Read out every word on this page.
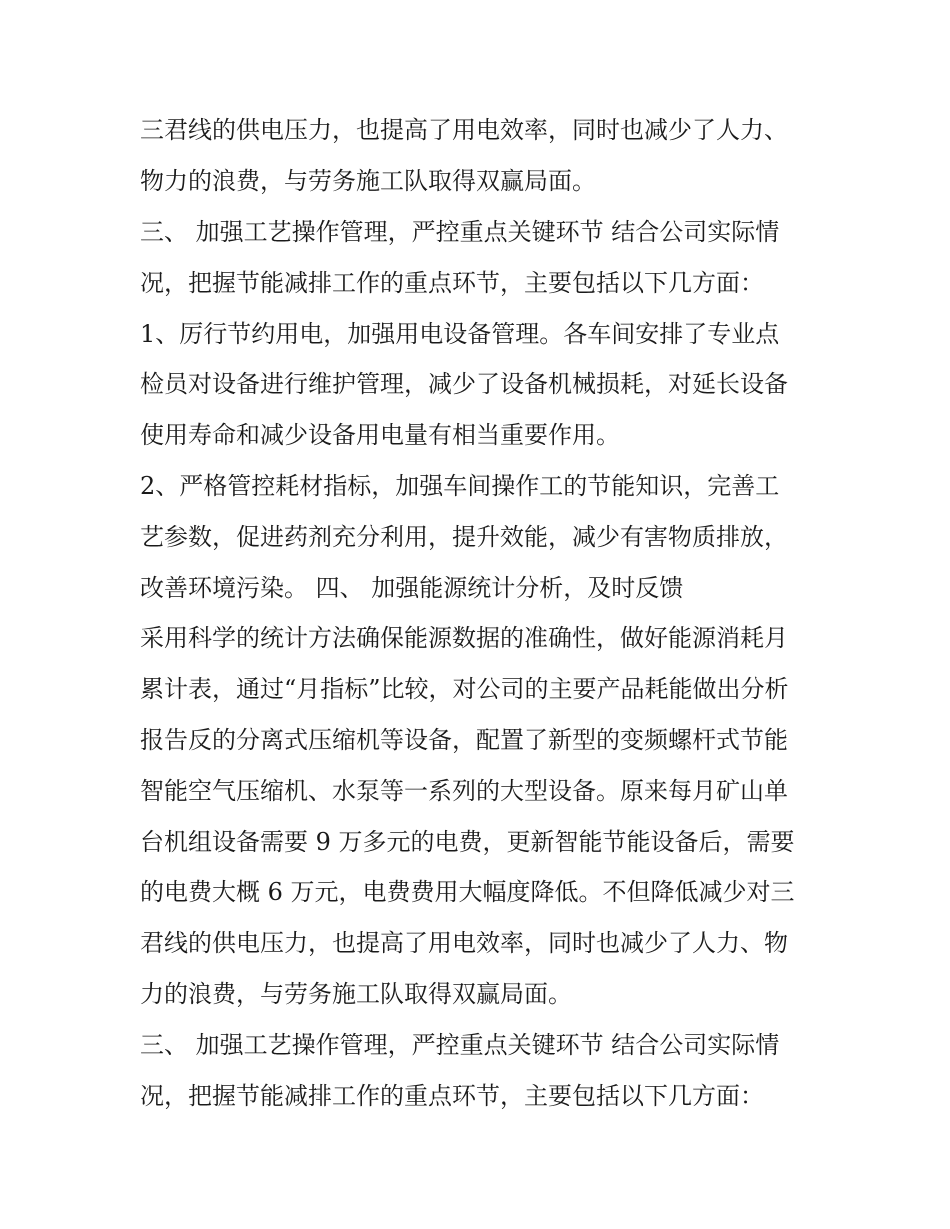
三君线的供电压力，也提高了用电效率，同时也减少了人力、
物力的浪费，与劳务施工队取得双赢局面。
三、 加强工艺操作管理，严控重点关键环节 结合公司实际情
况，把握节能减排工作的重点环节，主要包括以下几方面：
1、厉行节约用电，加强用电设备管理。各车间安排了专业点
检员对设备进行维护管理，减少了设备机械损耗，对延长设备
使用寿命和减少设备用电量有相当重要作用。
2、严格管控耗材指标，加强车间操作工的节能知识，完善工
艺参数，促进药剂充分利用，提升效能，减少有害物质排放，
改善环境污染。 四、 加强能源统计分析，及时反馈
采用科学的统计方法确保能源数据的准确性，做好能源消耗月
累计表，通过“月指标”比较，对公司的主要产品耗能做出分析
报告反的分离式压缩机等设备，配置了新型的变频螺杆式节能
智能空气压缩机、水泵等一系列的大型设备。原来每月矿山单
台机组设备需要 9 万多元的电费，更新智能节能设备后，需要
的电费大概 6 万元，电费费用大幅度降低。不但降低减少对三
君线的供电压力，也提高了用电效率，同时也减少了人力、物
力的浪费，与劳务施工队取得双赢局面。
三、 加强工艺操作管理，严控重点关键环节 结合公司实际情
况，把握节能减排工作的重点环节，主要包括以下几方面：
